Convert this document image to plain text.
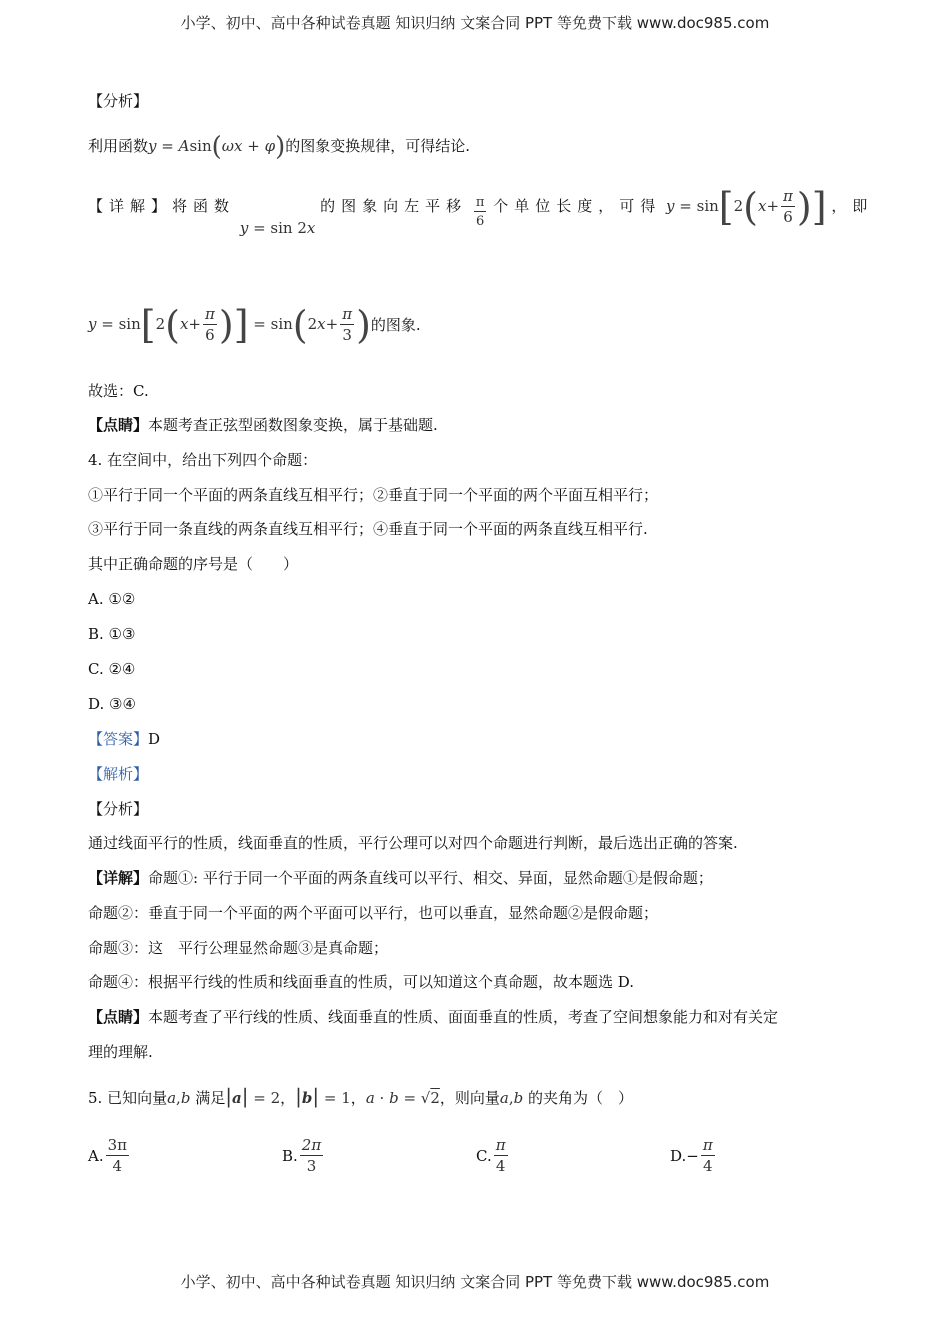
小学、初中、高中各种试卷真题 知识归纳 文案合同 PPT 等免费下载 www.doc985.com
【分析】
利用函数y = Asin(ωx + φ)的图象变换规律，可得结论.
【详解】将函数 y = sin 2x 的图象向左平移 $\frac{\pi}{6}$ 个单位长度，可得 $y = \sin[2(x+ \frac{\pi}{6}$ )] ，即
$y = \sin[2(x+ \frac{\pi}{6}$ )] = $\sin(2x+ \frac{\pi}{3}$ )的图象.
故选：C.
【点睛】本题考查正弦型函数图象变换，属于基础题.
4. 在空间中，给出下列四个命题：
①平行于同一个平面的两条直线互相平行；②垂直于同一个平面的两个平面互相平行；
③平行于同一条直线的两条直线互相平行；④垂直于同一个平面的两条直线互相平行.
其中正确命题的序号是（　　）
A. ①②
B. ①③
C. ②④
D. ③④
【答案】D
【解析】
【分析】
通过线面平行的性质，线面垂直的性质，平行公理可以对四个命题进行判断，最后选出正确的答案.
【详解】命题①: 平行于同一个平面的两条直线可以平行、相交、异面，显然命题①是假命题；
命题②：垂直于同一个平面的两个平面可以平行，也可以垂直，显然命题②是假命题；
命题③：这　平行公理显然命题③是真命题；
命题④：根据平行线的性质和线面垂直的性质，可以知道这个真命题，故本题选 D.
【点睛】本题考查了平行线的性质、线面垂直的性质、面面垂直的性质，考查了空间想象能力和对有关定
理的理解.
5. 已知向量a,b 满足|a| = 2，|b| = 1，a · b = √2，则向量a,b 的夹角为（　）
A. $\frac{3\pi}{4}$	B. $\frac{2\pi}{3}$	C. $\frac{\pi}{4}$	$D.- \frac{\pi}{4}$
小学、初中、高中各种试卷真题 知识归纳 文案合同 PPT 等免费下载 www.doc985.com
